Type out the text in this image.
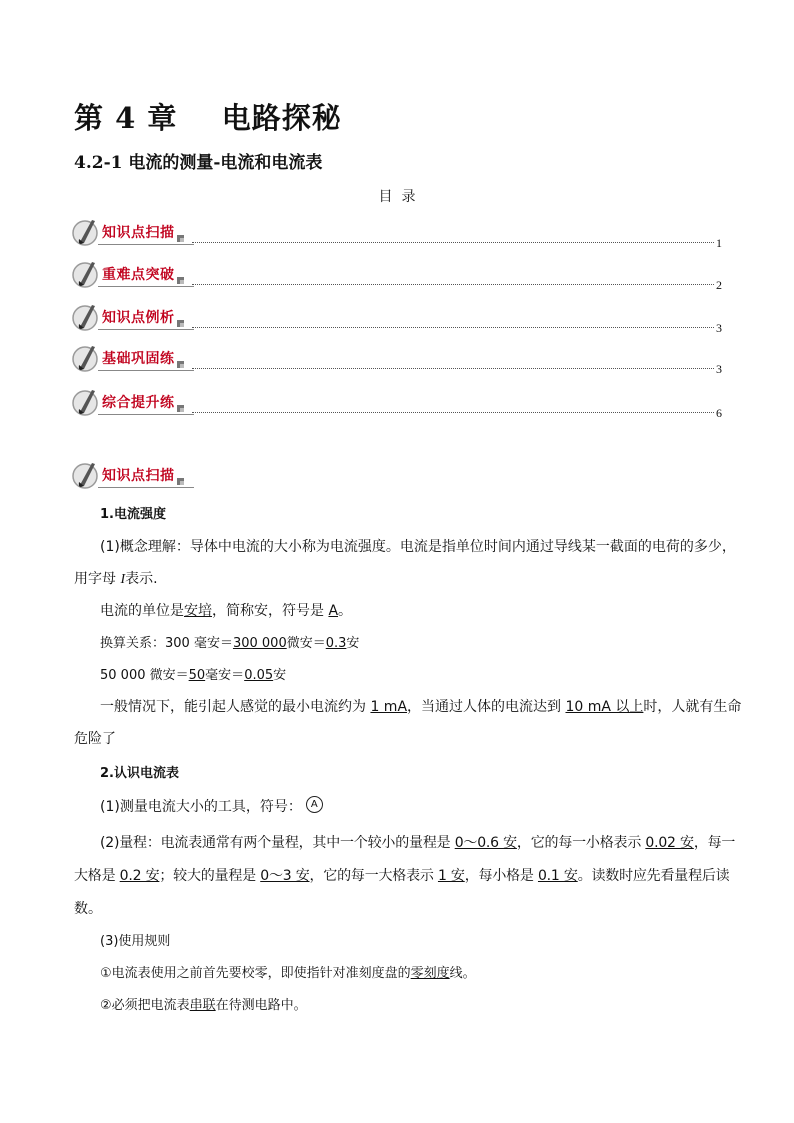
第 4 章    电路探秘
4.2-1 电流的测量-电流和电流表
目  录
知识点扫描
1
重难点突破
2
知识点例析
3
基础巩固练
3
综合提升练
6
知识点扫描
1.电流强度
(1)概念理解：导体中电流的大小称为电流强度。电流是指单位时间内通过导线某一截面的电荷的多少，
用字母 I表示.
电流的单位是安培，简称安，符号是 A。
换算关系：300 毫安＝300 000微安＝0.3安
50 000 微安＝50毫安＝0.05安
一般情况下，能引起人感觉的最小电流约为 1 mA，当通过人体的电流达到 10 mA 以上时，人就有生命
危险了
2.认识电流表
(1)测量电流大小的工具，符号： A
(2)量程：电流表通常有两个量程，其中一个较小的量程是 0～0.6 安，它的每一小格表示 0.02 安，每一
大格是 0.2 安；较大的量程是 0～3 安，它的每一大格表示 1 安，每小格是 0.1 安。读数时应先看量程后读
数。
(3)使用规则
①电流表使用之前首先要校零，即使指针对准刻度盘的零刻度线。
②必须把电流表串联在待测电路中。
